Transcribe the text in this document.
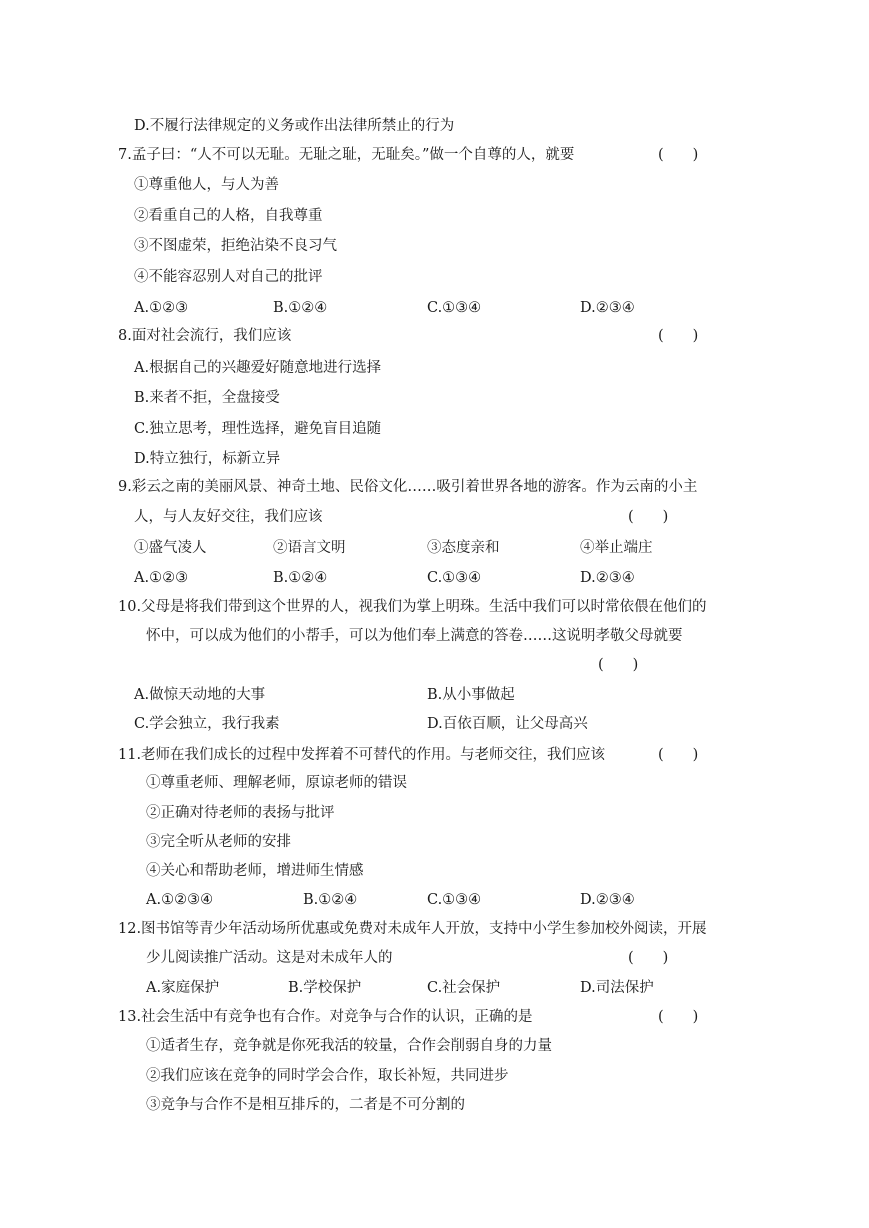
D.不履行法律规定的义务或作出法律所禁止的行为
7.孟子曰：“人不可以无耻。无耻之耻，无耻矣。”做一个自尊的人，就要	(　　)
①尊重他人，与人为善
②看重自己的人格，自我尊重
③不图虚荣，拒绝沾染不良习气
④不能容忍别人对自己的批评
A.①②③	B.①②④	C.①③④	D.②③④
8.面对社会流行，我们应该	(　　)
A.根据自己的兴趣爱好随意地进行选择
B.来者不拒，全盘接受
C.独立思考，理性选择，避免盲目追随
D.特立独行，标新立异
9.彩云之南的美丽风景、神奇土地、民俗文化……吸引着世界各地的游客。作为云南的小主
人，与人友好交往，我们应该	(　　)
①盛气凌人	②语言文明	③态度亲和	④举止端庄
A.①②③	B.①②④	C.①③④	D.②③④
10.父母是将我们带到这个世界的人，视我们为掌上明珠。生活中我们可以时常依偎在他们的
怀中，可以成为他们的小帮手，可以为他们奉上满意的答卷……这说明孝敬父母就要
(　　)
A.做惊天动地的大事	B.从小事做起
C.学会独立，我行我素	D.百依百顺，让父母高兴
11.老师在我们成长的过程中发挥着不可替代的作用。与老师交往，我们应该	(　　)
①尊重老师、理解老师，原谅老师的错误
②正确对待老师的表扬与批评
③完全听从老师的安排
④关心和帮助老师，增进师生情感
A.①②③④	B.①②④	C.①③④	D.②③④
12.图书馆等青少年活动场所优惠或免费对未成年人开放，支持中小学生参加校外阅读，开展
少儿阅读推广活动。这是对未成年人的	(　　)
A.家庭保护	B.学校保护	C.社会保护	D.司法保护
13.社会生活中有竞争也有合作。对竞争与合作的认识，正确的是	(　　)
①适者生存，竞争就是你死我活的较量，合作会削弱自身的力量
②我们应该在竞争的同时学会合作，取长补短，共同进步
③竞争与合作不是相互排斥的，二者是不可分割的
